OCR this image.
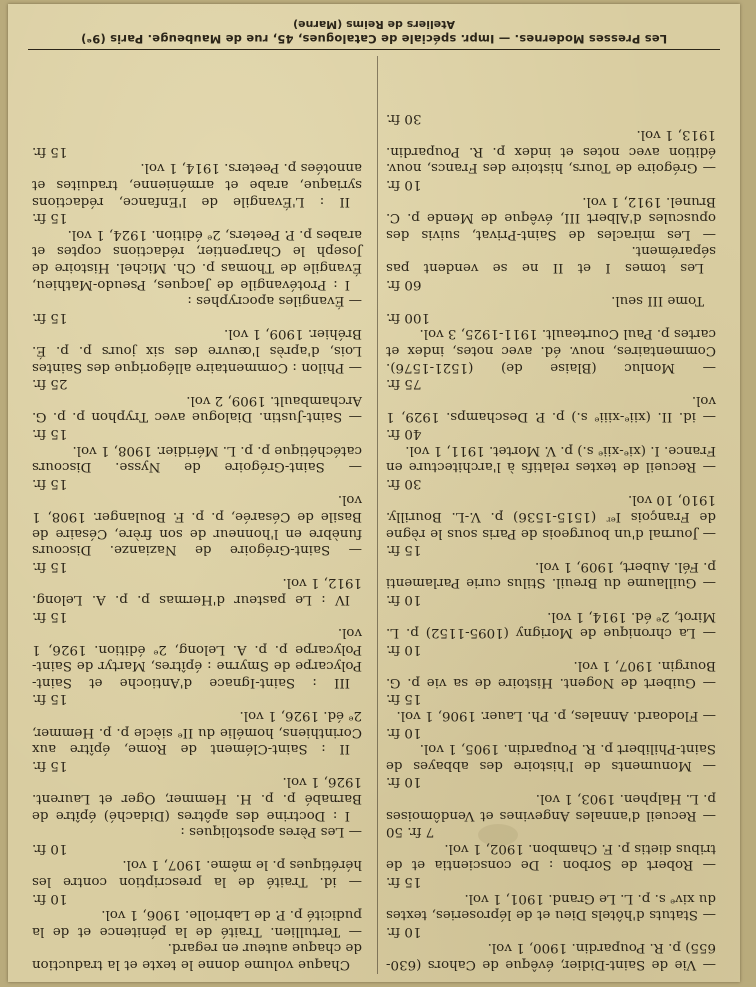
— Vie de Saint-Didier, évêque de Cahors (630-655) p. R. Poupardin. 1900, 1 vol.

10 fr.

— Statuts d'hôtels Dieu et de léproseries, textes du xivᵉ s. p. L. Le Grand. 1901, 1 vol.

15 fr.

— Robert de Sorbon : De conscientia et de tribus dietis p. F. Chambon. 1902, 1 vol.

7 fr. 50

— Recueil d'annales Angevines et Vendômoises p. L. Halphen. 1903, 1 vol.

10 fr.

— Monuments de l'histoire des abbayes de Saint-Philibert p. R. Poupardin. 1905, 1 vol.

10 fr.

— Flodoard. Annales, p. Ph. Lauer. 1906, 1 vol.

15 fr.

— Guibert de Nogent. Histoire de sa vie p. G. Bourgin. 1907, 1 vol.

10 fr.

— La chronique de Morigny (1095-1152) p. L. Mirot, 2ᵉ éd. 1914, 1 vol.

10 fr.

— Guillaume du Breuil. Stilus curie Parlamenti p. Fél. Aubert, 1909, 1 vol.

15 fr.

— Journal d'un bourgeois de Paris sous le règne de François Iᵉʳ (1515-1536) p. V.-L. Bourilly. 1910, 10 vol.

30 fr.

— Recueil de textes relatifs à l'architecture en France. I. (xiᵉ-xiiᵉ s.) p. V. Mortet. 1911, 1 vol.

40 fr.

— id. II. (xiiᵉ-xiiiᵉ s.) p. P. Deschamps. 1929, 1 vol.

75 fr.

— Monluc (Blaise de) (1521-1576). Commentaires, nouv. éd. avec notes, index et cartes p. Paul Courteault. 1911-1925, 3 vol.

100 fr.

Tome III seul.

60 fr.

Les tomes I et II ne se vendent pas séparément.

— Les miracles de Saint-Privat, suivis des opuscules d'Albert III, évêque de Mende p. C. Brunel. 1912, 1 vol.

10 fr.

— Grégoire de Tours, histoire des Francs, nouv. édition avec notes et index p. R. Poupardin. 1913, 1 vol.

30 fr.

Chaque volume donne le texte et la traduction de chaque auteur en regard.

— Tertullien. Traité de la pénitence et de la pudicité p. P. de Labriolle. 1906, 1 vol.

10 fr.

— id. Traité de la prescription contre les hérétiques p. le même. 1907, 1 vol.

10 fr.

— Les Pères apostoliques :

I : Doctrine des apôtres (Didaché) épître de Barnabé p. p. H. Hemmer, Oger et Laurent. 1926, 1 vol.

15 fr.

II : Saint-Clément de Rome, épître aux Corinthiens, homélie du IIᵉ siècle p. p. Hemmer, 2ᵉ éd. 1926, 1 vol.

15 fr.

III : Saint-Ignace d'Antioche et Saint-Polycarpe de Smyrne : épîtres, Martyr de Saint-Polycarpe p. p. A. Lelong, 2ᵉ édition. 1926, 1 vol.

15 fr.

IV : Le pasteur d'Hermas p. p. A. Lelong. 1912, 1 vol.

15 fr.

— Saint-Grégoire de Nazianze. Discours funèbre en l'honneur de son frère, Césaire de Basile de Césarée, p. p. F. Boulanger. 1908, 1 vol.

15 fr.

— Saint-Grégoire de Nysse. Discours catéchétique p. p. L. Méridier. 1908, 1 vol.

15 fr.

— Saint-Justin. Dialogue avec Tryphon p. p. G. Archambault. 1909, 2 vol.

25 fr.

— Philon : Commentaire allégorique des Saintes Lois, d'après l'œuvre des six jours p. p. É. Bréhier. 1909, 1 vol.

15 fr.

— Évangiles apocryphes :

I : Protévangile de Jacques, Pseudo-Mathieu, Évangile de Thomas p. Ch. Michel. Histoire de Joseph le Charpentier, rédactions coptes et arabes p. P. Peeters, 2ᵉ édition. 1924, 1 vol.

15 fr.

II : L'Évangile de l'Enfance, rédactions syriaque, arabe et arménienne, traduites et annotées p. Peeters. 1914, 1 vol.

15 fr.

Les Presses Modernes. — Impr. spéciale de Catalogues, 45, rue de Maubeuge. Paris (9ᵉ)
Ateliers de Reims (Marne)
